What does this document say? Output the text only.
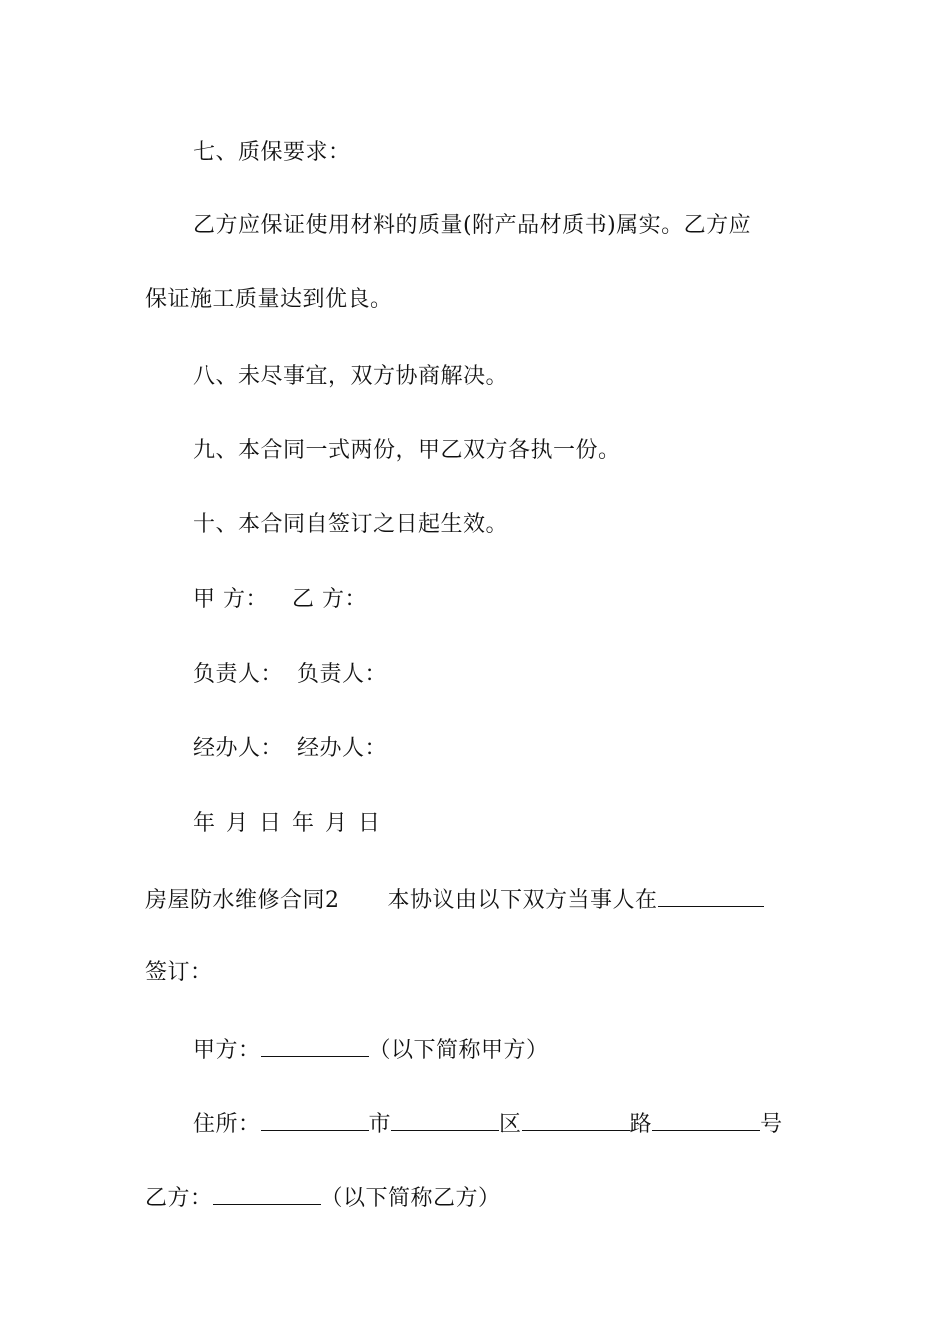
七、质保要求：
乙方应保证使用材料的质量(附产品材质书)属实。乙方应
保证施工质量达到优良。
八、未尽事宜，双方协商解决。
九、本合同一式两份，甲乙双方各执一份。
十、本合同自签订之日起生效。
甲 方： 乙 方：
负责人： 负责人：
经办人： 经办人：
年 月 日 年 月 日
房屋防水维修合同2 本协议由以下双方当事人在
签订：
甲方：	（以下简称甲方）
住所：	市	区	路	号
乙方：	（以下简称乙方）
